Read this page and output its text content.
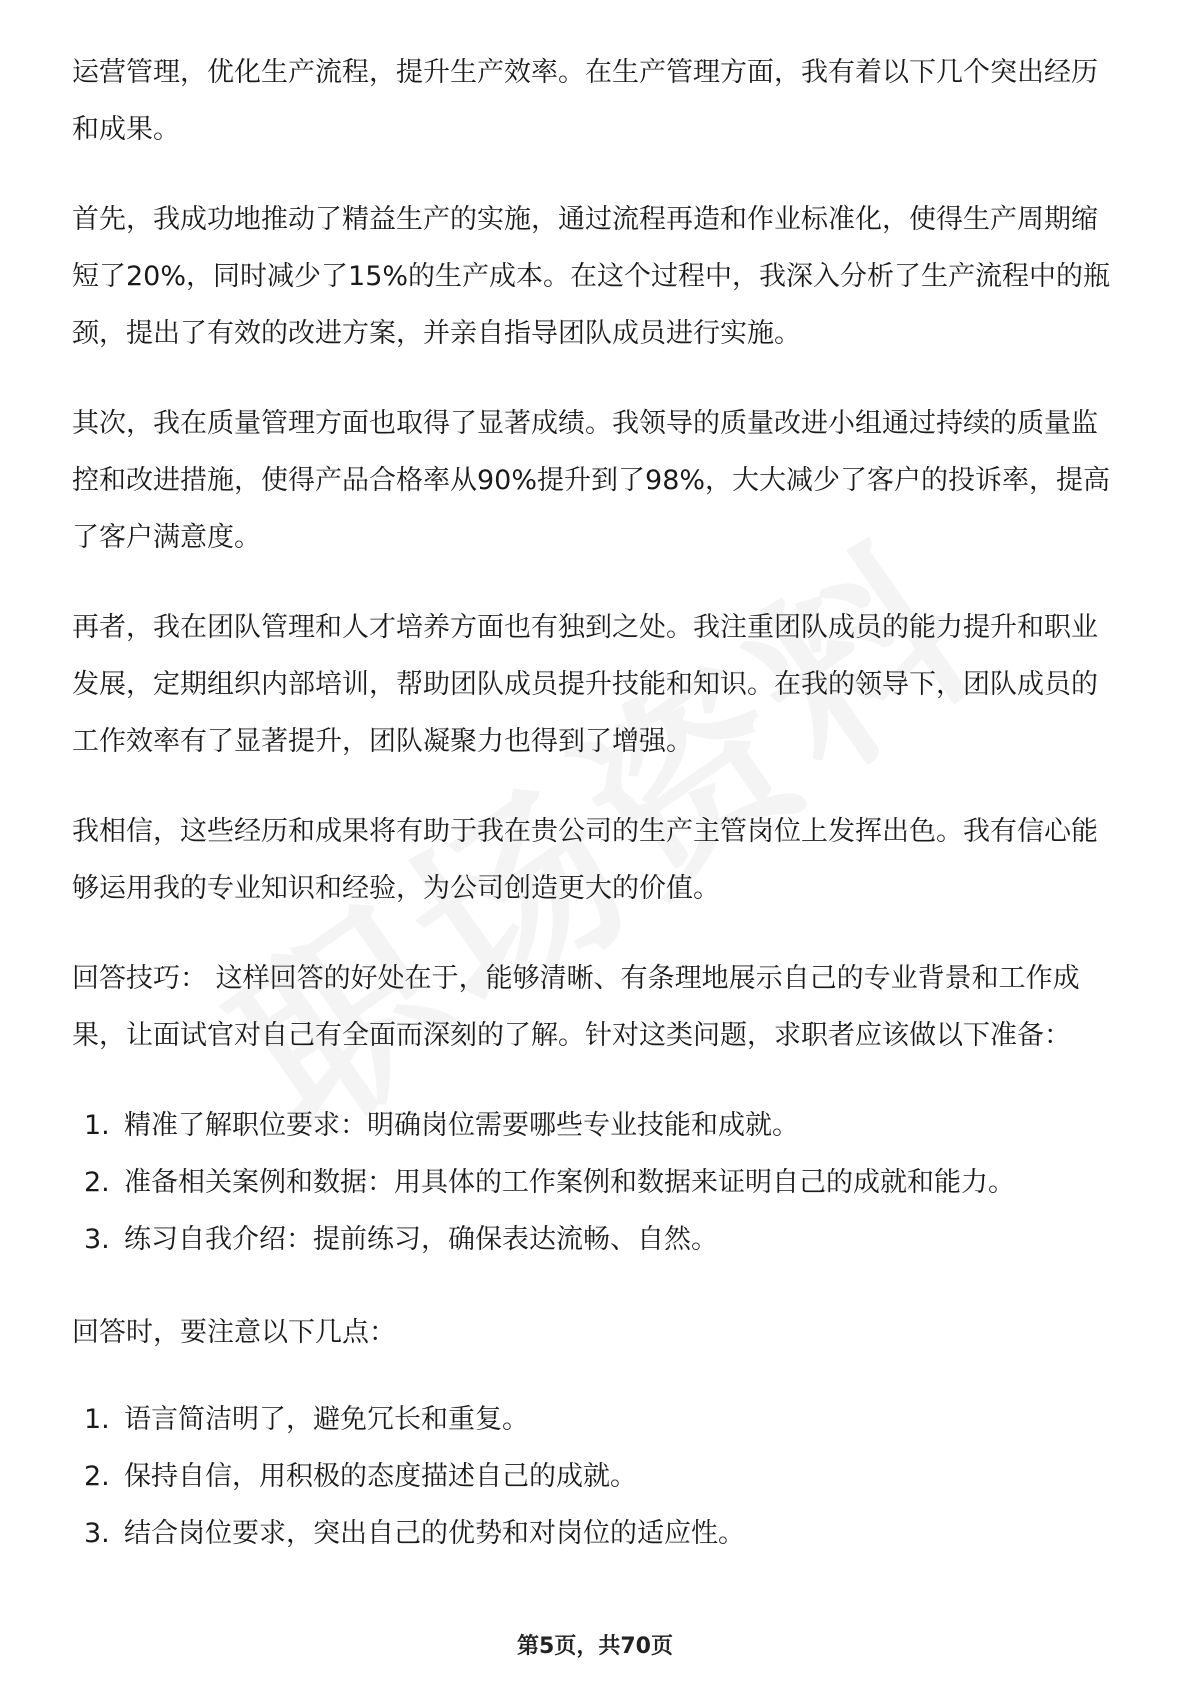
运营管理，优化生产流程，提升生产效率。在生产管理方面，我有着以下几个突出经历和成果。

首先，我成功地推动了精益生产的实施，通过流程再造和作业标准化，使得生产周期缩短了20%，同时减少了15%的生产成本。在这个过程中，我深入分析了生产流程中的瓶颈，提出了有效的改进方案，并亲自指导团队成员进行实施。

其次，我在质量管理方面也取得了显著成绩。我领导的质量改进小组通过持续的质量监控和改进措施，使得产品合格率从90%提升到了98%，大大减少了客户的投诉率，提高了客户满意度。

再者，我在团队管理和人才培养方面也有独到之处。我注重团队成员的能力提升和职业发展，定期组织内部培训，帮助团队成员提升技能和知识。在我的领导下，团队成员的工作效率有了显著提升，团队凝聚力也得到了增强。

我相信，这些经历和成果将有助于我在贵公司的生产主管岗位上发挥出色。我有信心能够运用我的专业知识和经验，为公司创造更大的价值。

回答技巧： 这样回答的好处在于，能够清晰、有条理地展示自己的专业背景和工作成果，让面试官对自己有全面而深刻的了解。针对这类问题，求职者应该做以下准备：

1. 精准了解职位要求：明确岗位需要哪些专业技能和成就。
2. 准备相关案例和数据：用具体的工作案例和数据来证明自己的成就和能力。
3. 练习自我介绍：提前练习，确保表达流畅、自然。

回答时，要注意以下几点：

1. 语言简洁明了，避免冗长和重复。
2. 保持自信，用积极的态度描述自己的成就。
3. 结合岗位要求，突出自己的优势和对岗位的适应性。
第5页，共70页
